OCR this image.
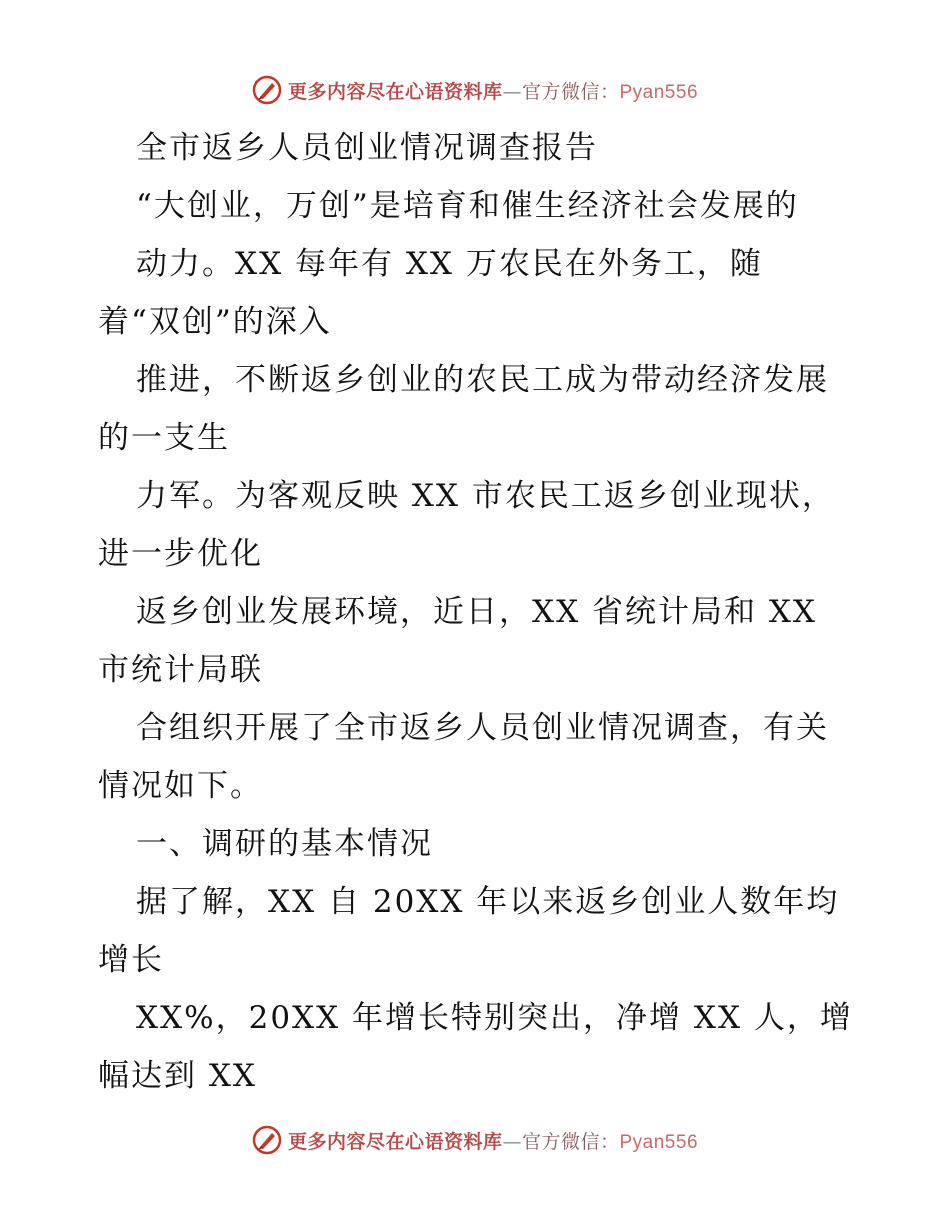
更多内容尽在心语资料库—官方微信：Pyan556
全市返乡人员创业情况调查报告
“大创业，万创”是培育和催生经济社会发展的
动力。XX 每年有 XX 万农民在外务工，随
着“双创”的深入
推进，不断返乡创业的农民工成为带动经济发展
的一支生
力军。为客观反映 XX 市农民工返乡创业现状，
进一步优化
返乡创业发展环境，近日，XX 省统计局和 XX
市统计局联
合组织开展了全市返乡人员创业情况调查，有关
情况如下。
一、调研的基本情况
据了解，XX 自 20XX 年以来返乡创业人数年均
增长
XX%，20XX 年增长特别突出，净增 XX 人，增
幅达到 XX
更多内容尽在心语资料库—官方微信：Pyan556
